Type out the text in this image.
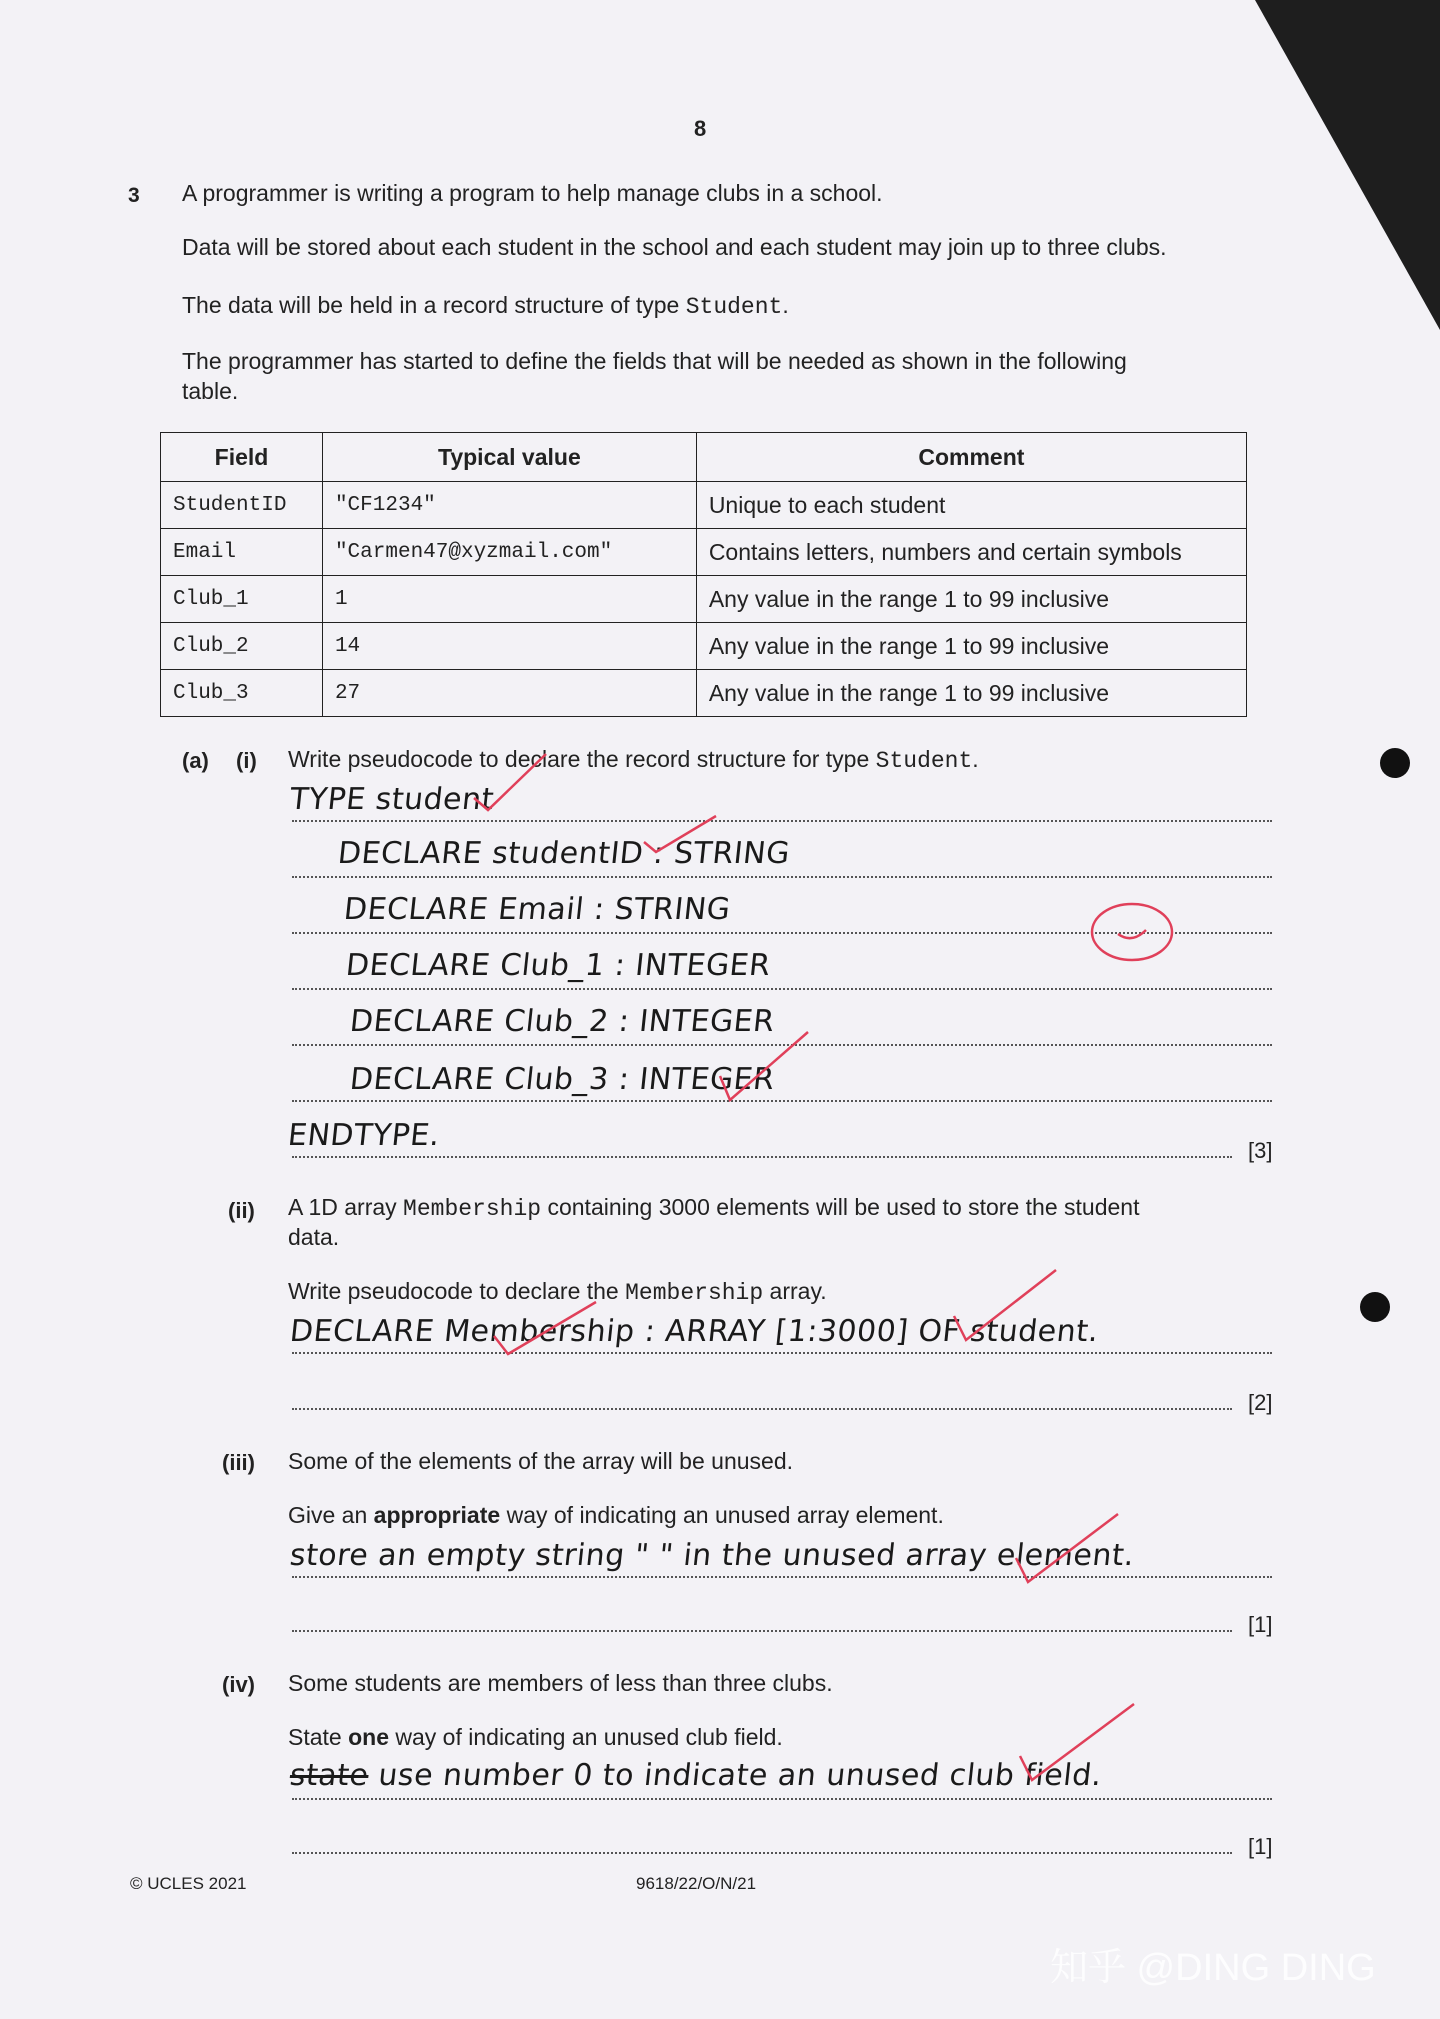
8
3 A programmer is writing a program to help manage clubs in a school.
Data will be stored about each student in the school and each student may join up to three clubs.
The data will be held in a record structure of type Student.
The programmer has started to define the fields that will be needed as shown in the following
table.
Field	Typical value	Comment
StudentID	"CF1234"	Unique to each student
Email	"Carmen47@xyzmail.com"	Contains letters, numbers and certain symbols
Club_1	1	Any value in the range 1 to 99 inclusive
Club_2	14	Any value in the range 1 to 99 inclusive
Club_3	27	Any value in the range 1 to 99 inclusive
(a) (i) Write pseudocode to declare the record structure for type Student.
[3]
TYPE student
DECLARE studentID : STRING
DECLARE Email : STRING
DECLARE Club_1 : INTEGER
DECLARE Club_2 : INTEGER
DECLARE Club_3 : INTEGER
ENDTYPE.
(ii) A 1D array Membership containing 3000 elements will be used to store the student
data.
Write pseudocode to declare the Membership array.
DECLARE Membership : ARRAY [1:3000] OF student.
[2]
(iii) Some of the elements of the array will be unused.
Give an appropriate way of indicating an unused array element.
store an empty string " " in the unused array element.
[1]
(iv) Some students are members of less than three clubs.
State one way of indicating an unused club field.
state use number 0 to indicate an unused club field.
[1]
© UCLES 2021	9618/22/O/N/21
知乎 @DING DING
